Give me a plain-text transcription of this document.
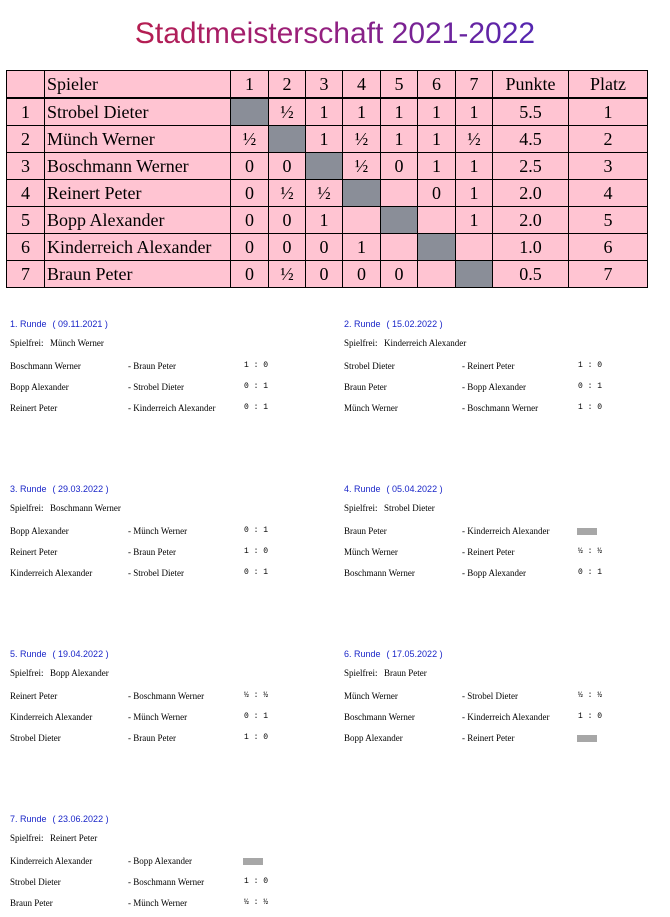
Stadtmeisterschaft 2021-2022
	Spieler	1	2	3	4	5	6	7	Punkte	Platz
1	Strobel Dieter		½	1	1	1	1	1	5.5	1
2	Münch Werner	½		1	½	1	1	½	4.5	2
3	Boschmann Werner	0	0		½	0	1	1	2.5	3
4	Reinert Peter	0	½	½			0	1	2.0	4
5	Bopp Alexander	0	0	1				1	2.0	5
6	Kinderreich Alexander	0	0	0	1				1.0	6
7	Braun Peter	0	½	0	0	0			0.5	7
1. Runde ( 09.11.2021 )
Spielfrei: Münch Werner
Boschmann Werner	- Braun Peter	1 : 0
Bopp Alexander	- Strobel Dieter	0 : 1
Reinert Peter	- Kinderreich Alexander	0 : 1
2. Runde ( 15.02.2022 )
Spielfrei: Kinderreich Alexander
Strobel Dieter	- Reinert Peter	1 : 0
Braun Peter	- Bopp Alexander	0 : 1
Münch Werner	- Boschmann Werner	1 : 0
3. Runde ( 29.03.2022 )
Spielfrei: Boschmann Werner
Bopp Alexander	- Münch Werner	0 : 1
Reinert Peter	- Braun Peter	1 : 0
Kinderreich Alexander	- Strobel Dieter	0 : 1
4. Runde ( 05.04.2022 )
Spielfrei: Strobel Dieter
Braun Peter	- Kinderreich Alexander
Münch Werner	- Reinert Peter	½ : ½
Boschmann Werner	- Bopp Alexander	0 : 1
5. Runde ( 19.04.2022 )
Spielfrei: Bopp Alexander
Reinert Peter	- Boschmann Werner	½ : ½
Kinderreich Alexander	- Münch Werner	0 : 1
Strobel Dieter	- Braun Peter	1 : 0
6. Runde ( 17.05.2022 )
Spielfrei: Braun Peter
Münch Werner	- Strobel Dieter	½ : ½
Boschmann Werner	- Kinderreich Alexander	1 : 0
Bopp Alexander	- Reinert Peter
7. Runde ( 23.06.2022 )
Spielfrei: Reinert Peter
Kinderreich Alexander	- Bopp Alexander
Strobel Dieter	- Boschmann Werner	1 : 0
Braun Peter	- Münch Werner	½ : ½
